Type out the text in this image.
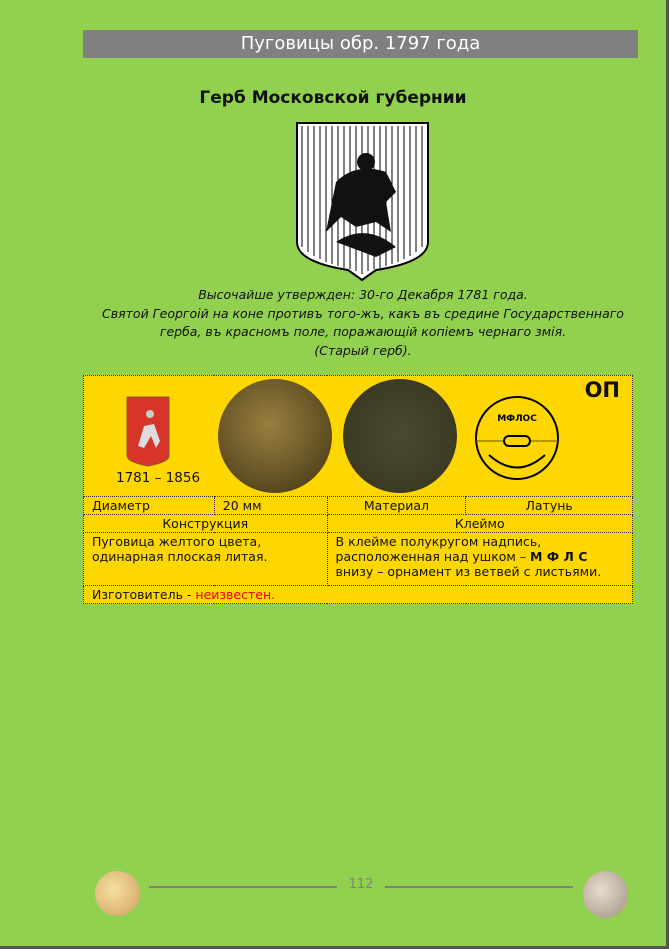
Пуговицы обр. 1797 года
Герб Московской губернии
Высочайше утвержден: 30-го Декабря 1781 года.
Святой Георгоій на коне противъ того-жъ, какъ въ средине Государственнаго
герба, въ красномъ поле, поражающій копіемъ чернаго змія.
(Старый герб).
1781 – 1856
МФЛОС
ОП			

Диаметр	20 мм	Материал	Латунь
Конструкция		Клеймо	
Пуговица желтого цвета, одинарная плоская литая.		В клейме полукругом надпись, расположенная над ушком – М Ф Л С
внизу – орнамент из ветвей с листьями.	
Изготовитель - неизвестен.			
112
